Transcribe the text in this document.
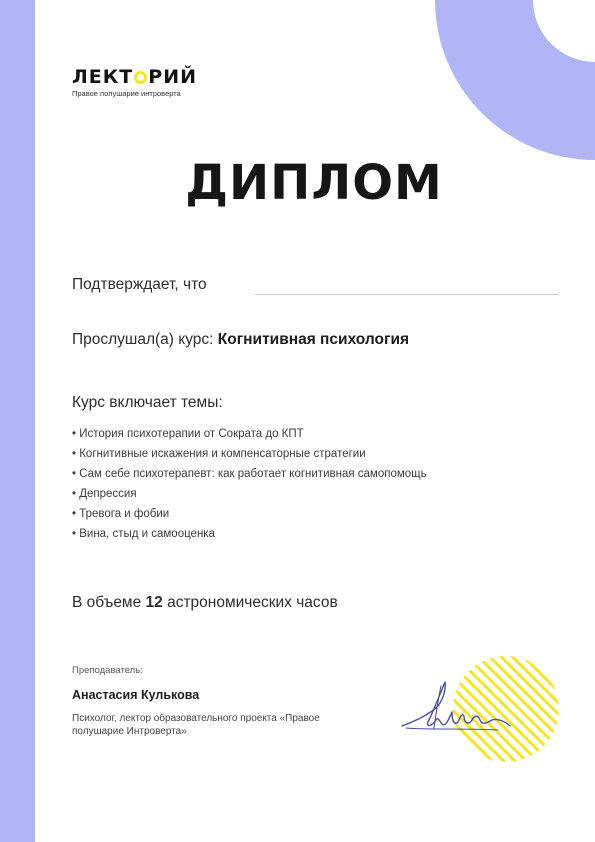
ЛЕКТ РИЙ
Правое полушарие интроверта
ДИПЛОМ
Подтверждает, что
Прослушал(а) курс: Когнитивная психология
Курс включает темы:
• История психотерапии от Сократа до КПТ
• Когнитивные искажения и компенсаторные стратегии
• Сам себе психотерапевт: как работает когнитивная самопомощь
• Депрессия
• Тревога и фобии
• Вина, стыд и самооценка
В объеме 12 астрономических часов
Преподаватель:
Анастасия Кулькова
Психолог, лектор образовательного проекта «Правое полушарие Интроверта»
